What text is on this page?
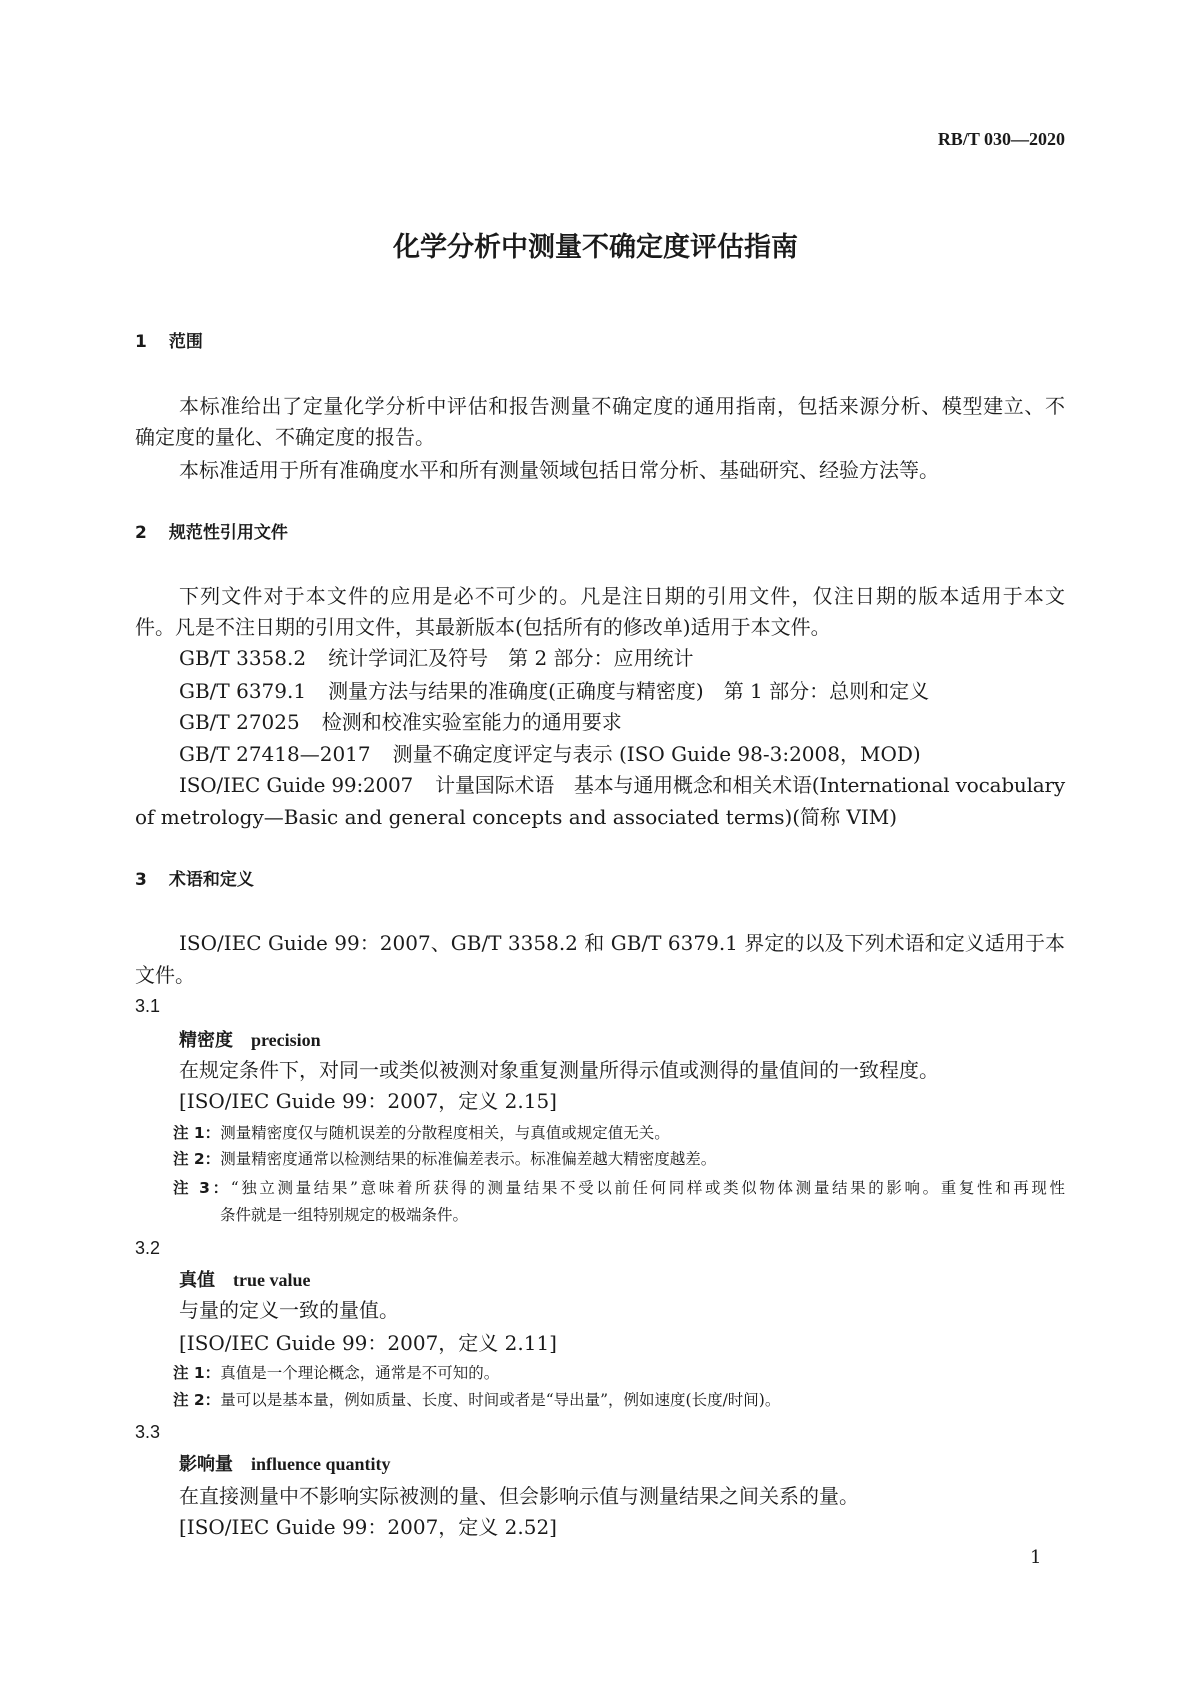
RB/T 030—2020
化学分析中测量不确定度评估指南
1 范围
本标准给出了定量化学分析中评估和报告测量不确定度的通用指南，包括来源分析、模型建立、不
确定度的量化、不确定度的报告。
本标准适用于所有准确度水平和所有测量领域包括日常分析、基础研究、经验方法等。
2 规范性引用文件
下列文件对于本文件的应用是必不可少的。凡是注日期的引用文件，仅注日期的版本适用于本文
件。凡是不注日期的引用文件，其最新版本(包括所有的修改单)适用于本文件。
GB/T 3358.2 统计学词汇及符号　第 2 部分：应用统计
GB/T 6379.1 测量方法与结果的准确度(正确度与精密度)　第 1 部分：总则和定义
GB/T 27025 检测和校准实验室能力的通用要求
GB/T 27418—2017 测量不确定度评定与表示 (ISO Guide 98-3:2008，MOD)
ISO/IEC Guide 99:2007 计量国际术语　基本与通用概念和相关术语(International vocabulary
of metrology—Basic and general concepts and associated terms)(简称 VIM)
3 术语和定义
ISO/IEC Guide 99：2007、GB/T 3358.2 和 GB/T 6379.1 界定的以及下列术语和定义适用于本
文件。
3.1
精密度 precision
在规定条件下，对同一或类似被测对象重复测量所得示值或测得的量值间的一致程度。
[ISO/IEC Guide 99：2007，定义 2.15]
注 1：测量精密度仅与随机误差的分散程度相关，与真值或规定值无关。
注 2：测量精密度通常以检测结果的标准偏差表示。标准偏差越大精密度越差。
注 3：“独立测量结果”意味着所获得的测量结果不受以前任何同样或类似物体测量结果的影响。重复性和再现性
条件就是一组特别规定的极端条件。
3.2
真值 true value
与量的定义一致的量值。
[ISO/IEC Guide 99：2007，定义 2.11]
注 1：真值是一个理论概念，通常是不可知的。
注 2：量可以是基本量，例如质量、长度、时间或者是“导出量”，例如速度(长度/时间)。
3.3
影响量 influence quantity
在直接测量中不影响实际被测的量、但会影响示值与测量结果之间关系的量。
[ISO/IEC Guide 99：2007，定义 2.52]
1
